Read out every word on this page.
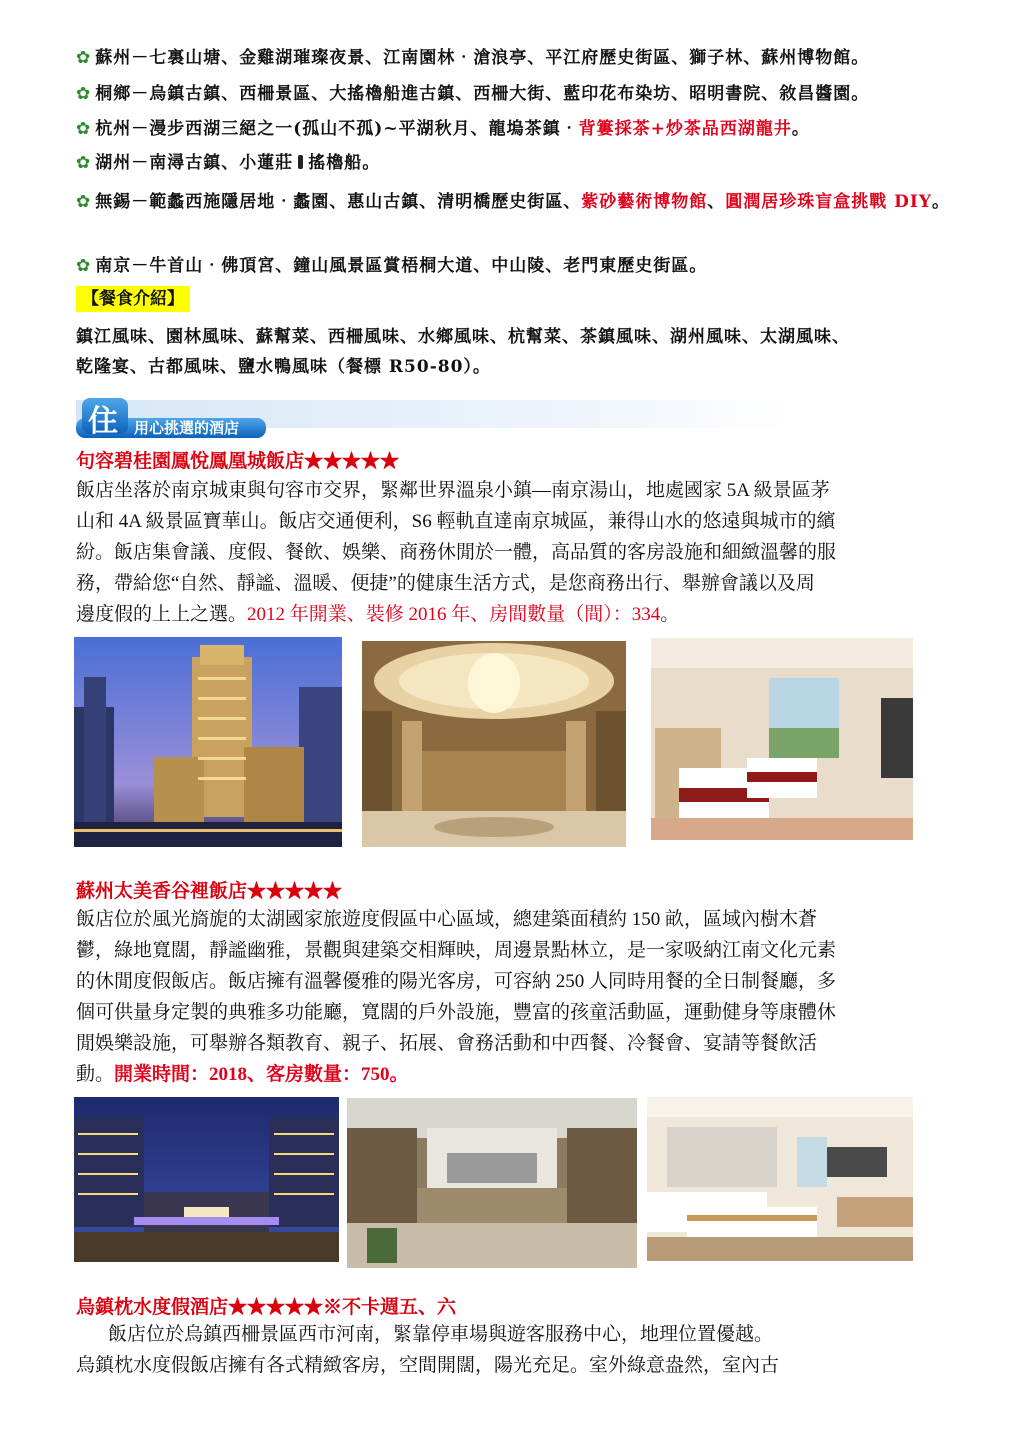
✿ 蘇州－七裏山塘、金雞湖璀璨夜景、江南園林‧滄浪亭、平江府歷史街區、獅子林、蘇州博物館。
✿ 桐鄉－烏鎮古鎮、西柵景區、大搖櫓船進古鎮、西柵大街、藍印花布染坊、昭明書院、敘昌醬園。
✿ 杭州－漫步西湖三絕之一(孤山不孤)~平湖秋月、龍塢茶鎮‧背簍採茶+炒茶品西湖龍井。
✿ 湖州－南潯古鎮、小蓮莊 搖櫓船。
✿ 無錫－範蠡西施隱居地‧蠡園、惠山古鎮、清明橋歷史街區、紫砂藝術博物館、圓潤居珍珠盲盒挑戰 DIY。
✿ 南京－牛首山‧佛頂宮、鐘山風景區賞梧桐大道、中山陵、老門東歷史街區。
【餐食介紹】
鎮江風味、園林風味、蘇幫菜、西柵風味、水鄉風味、杭幫菜、茶鎮風味、湖州風味、太湖風味、
乾隆宴、古都風味、鹽水鴨風味（餐標 R50-80）。
住 用心挑選的酒店
句容碧桂園鳳悅鳳凰城飯店★★★★★
飯店坐落於南京城東與句容市交界，緊鄰世界溫泉小鎮—南京湯山，地處國家 5A 級景區茅
山和 4A 級景區寶華山。飯店交通便利，S6 輕軌直達南京城區，兼得山水的悠遠與城市的繽
紛。飯店集會議、度假、餐飲、娛樂、商務休閒於一體，高品質的客房設施和細緻溫馨的服
務，帶給您“自然、靜謐、溫暖、便捷”的健康生活方式，是您商務出行、舉辦會議以及周
邊度假的上上之選。2012 年開業、裝修 2016 年、房間數量（間）：334。
蘇州太美香谷裡飯店★★★★★
飯店位於風光旖旎的太湖國家旅遊度假區中心區域，總建築面積約 150 畝，區域內樹木蒼
鬱，綠地寬闊，靜謐幽雅，景觀與建築交相輝映，周邊景點林立，是一家吸納江南文化元素
的休閒度假飯店。飯店擁有溫馨優雅的陽光客房，可容納 250 人同時用餐的全日制餐廳，多
個可供量身定製的典雅多功能廳，寬闊的戶外設施，豐富的孩童活動區，運動健身等康體休
閒娛樂設施，可舉辦各類教育、親子、拓展、會務活動和中西餐、冷餐會、宴請等餐飲活
動。開業時間：2018、客房數量：750。
烏鎮枕水度假酒店★★★★★※不卡週五、六
飯店位於烏鎮西柵景區西市河南，緊靠停車場與遊客服務中心，地理位置優越。
烏鎮枕水度假飯店擁有各式精緻客房，空間開闊，陽光充足。室外綠意盎然，室內古
